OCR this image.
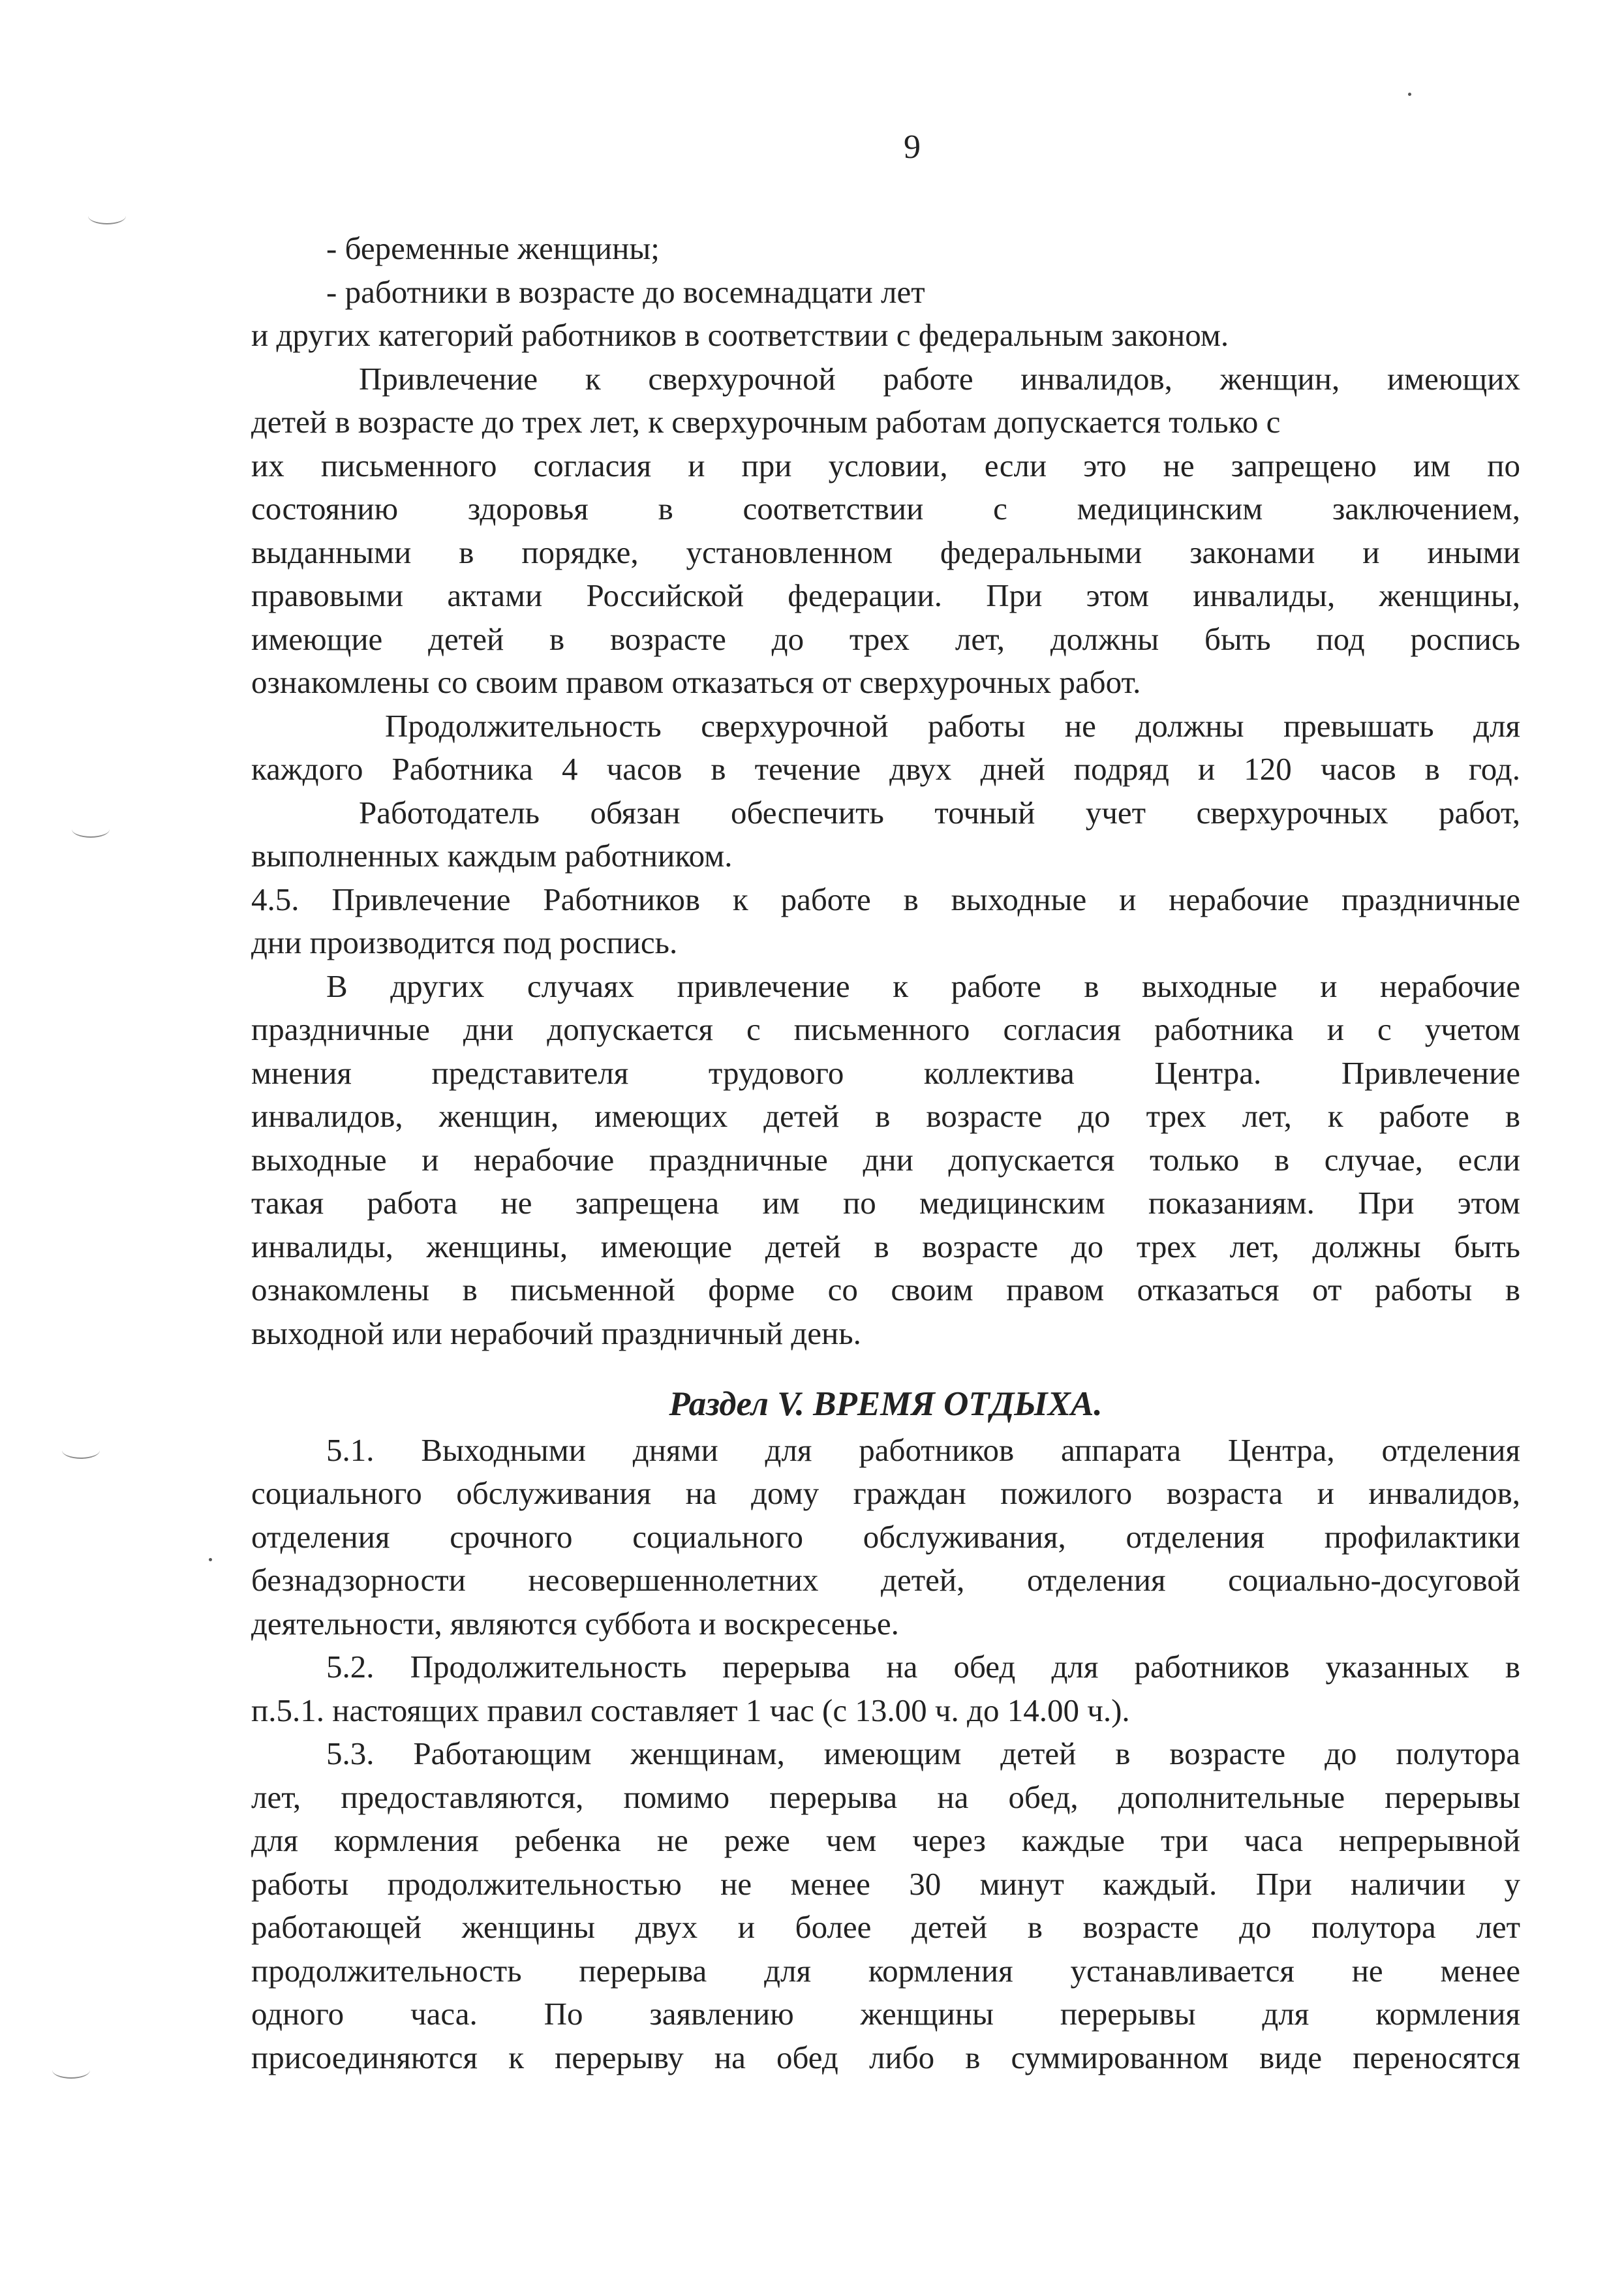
9

- беременные женщины;

- работники в возрасте до восемнадцати лет

и других категорий работников в соответствии с федеральным законом.

Привлечение к сверхурочной работе инвалидов, женщин, имеющих

детей в возрасте до трех лет, к сверхурочным работам допускается только с

их письменного согласия и при условии, если это не запрещено им по

состоянию здоровья в соответствии с медицинским заключением,

выданными в порядке, установленном федеральными законами и иными

правовыми актами Российской федерации. При этом инвалиды, женщины,

имеющие детей в возрасте до трех лет, должны быть под роспись

ознакомлены со своим правом отказаться от сверхурочных работ.

Продолжительность сверхурочной работы не должны превышать для

каждого Работника 4 часов в течение двух дней подряд и 120 часов в год.

Работодатель обязан обеспечить точный учет сверхурочных работ,

выполненных каждым работником.

4.5. Привлечение Работников к работе в выходные и нерабочие праздничные

дни производится под роспись.

В других случаях привлечение к работе в выходные и нерабочие

праздничные дни допускается с письменного согласия работника и с учетом

мнения представителя трудового коллектива Центра. Привлечение

инвалидов, женщин, имеющих детей в возрасте до трех лет, к работе в

выходные и нерабочие праздничные дни допускается только в случае, если

такая работа не запрещена им по медицинским показаниям. При этом

инвалиды, женщины, имеющие детей в возрасте до трех лет, должны быть

ознакомлены в письменной форме со своим правом отказаться от работы в

выходной или нерабочий праздничный день.

Раздел V. ВРЕМЯ ОТДЫХА.

5.1. Выходными днями для работников аппарата Центра, отделения

социального обслуживания на дому граждан пожилого возраста и инвалидов,

отделения срочного социального обслуживания, отделения профилактики

безнадзорности несовершеннолетних детей, отделения социально-досуговой

деятельности, являются суббота и воскресенье.

5.2. Продолжительность перерыва на обед для работников указанных в

п.5.1. настоящих правил составляет 1 час (с 13.00 ч. до 14.00 ч.).

5.3. Работающим женщинам, имеющим детей в возрасте до полутора

лет, предоставляются, помимо перерыва на обед, дополнительные перерывы

для кормления ребенка не реже чем через каждые три часа непрерывной

работы продолжительностью не менее 30 минут каждый. При наличии у

работающей женщины двух и более детей в возрасте до полутора лет

продолжительность перерыва для кормления устанавливается не менее

одного часа. По заявлению женщины перерывы для кормления

присоединяются к перерыву на обед либо в суммированном виде переносятся
